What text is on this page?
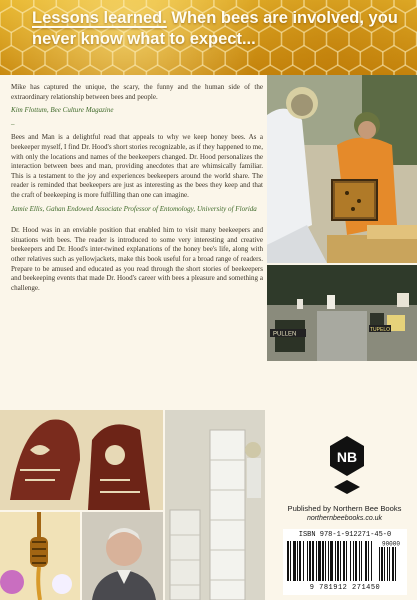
Lessons learned. When bees are involved, you never know what to expect...

Mike has captured the unique, the scary, the funny and the human side of the extraordinary relationship between bees and people.

Kim Flottum, Bee Culture Magazine

–

Bees and Man is a delightful read that appeals to why we keep honey bees. As a beekeeper myself, I find Dr. Hood's short stories recognizable, as if they happened to me, with only the locations and names of the beekeepers changed. Dr. Hood personalizes the interaction between bees and man, providing anecdotes that are whimsically familiar. This is a testament to the joy and experiences beekeepers around the world share. The reader is reminded that beekeepers are just as interesting as the bees they keep and that the craft of beekeeping is more fulfilling than one can imagine.

Jamie Ellis, Gahan Endowed Associate Professor of Entomology, University of Florida

Dr. Hood was in an enviable position that enabled him to visit many beekeepers and situations with bees. The reader is introduced to some very interesting and creative beekeepers and Dr. Hood's inter-twined explanations of the honey bee's life, along with other relatives such as yellowjackets, make this book useful for a broad range of readers. Prepare to be amused and educated as you read through the short stories of beekeepers and beekeeping events that made Dr. Hood's career with bees a pleasure and something a challenge.

PULLEN
TUPELO
NB
Published by Northern Bee Books
northernbeebooks.co.uk
ISBN 978-1-912271-45-0
90000
9 781912 271450
